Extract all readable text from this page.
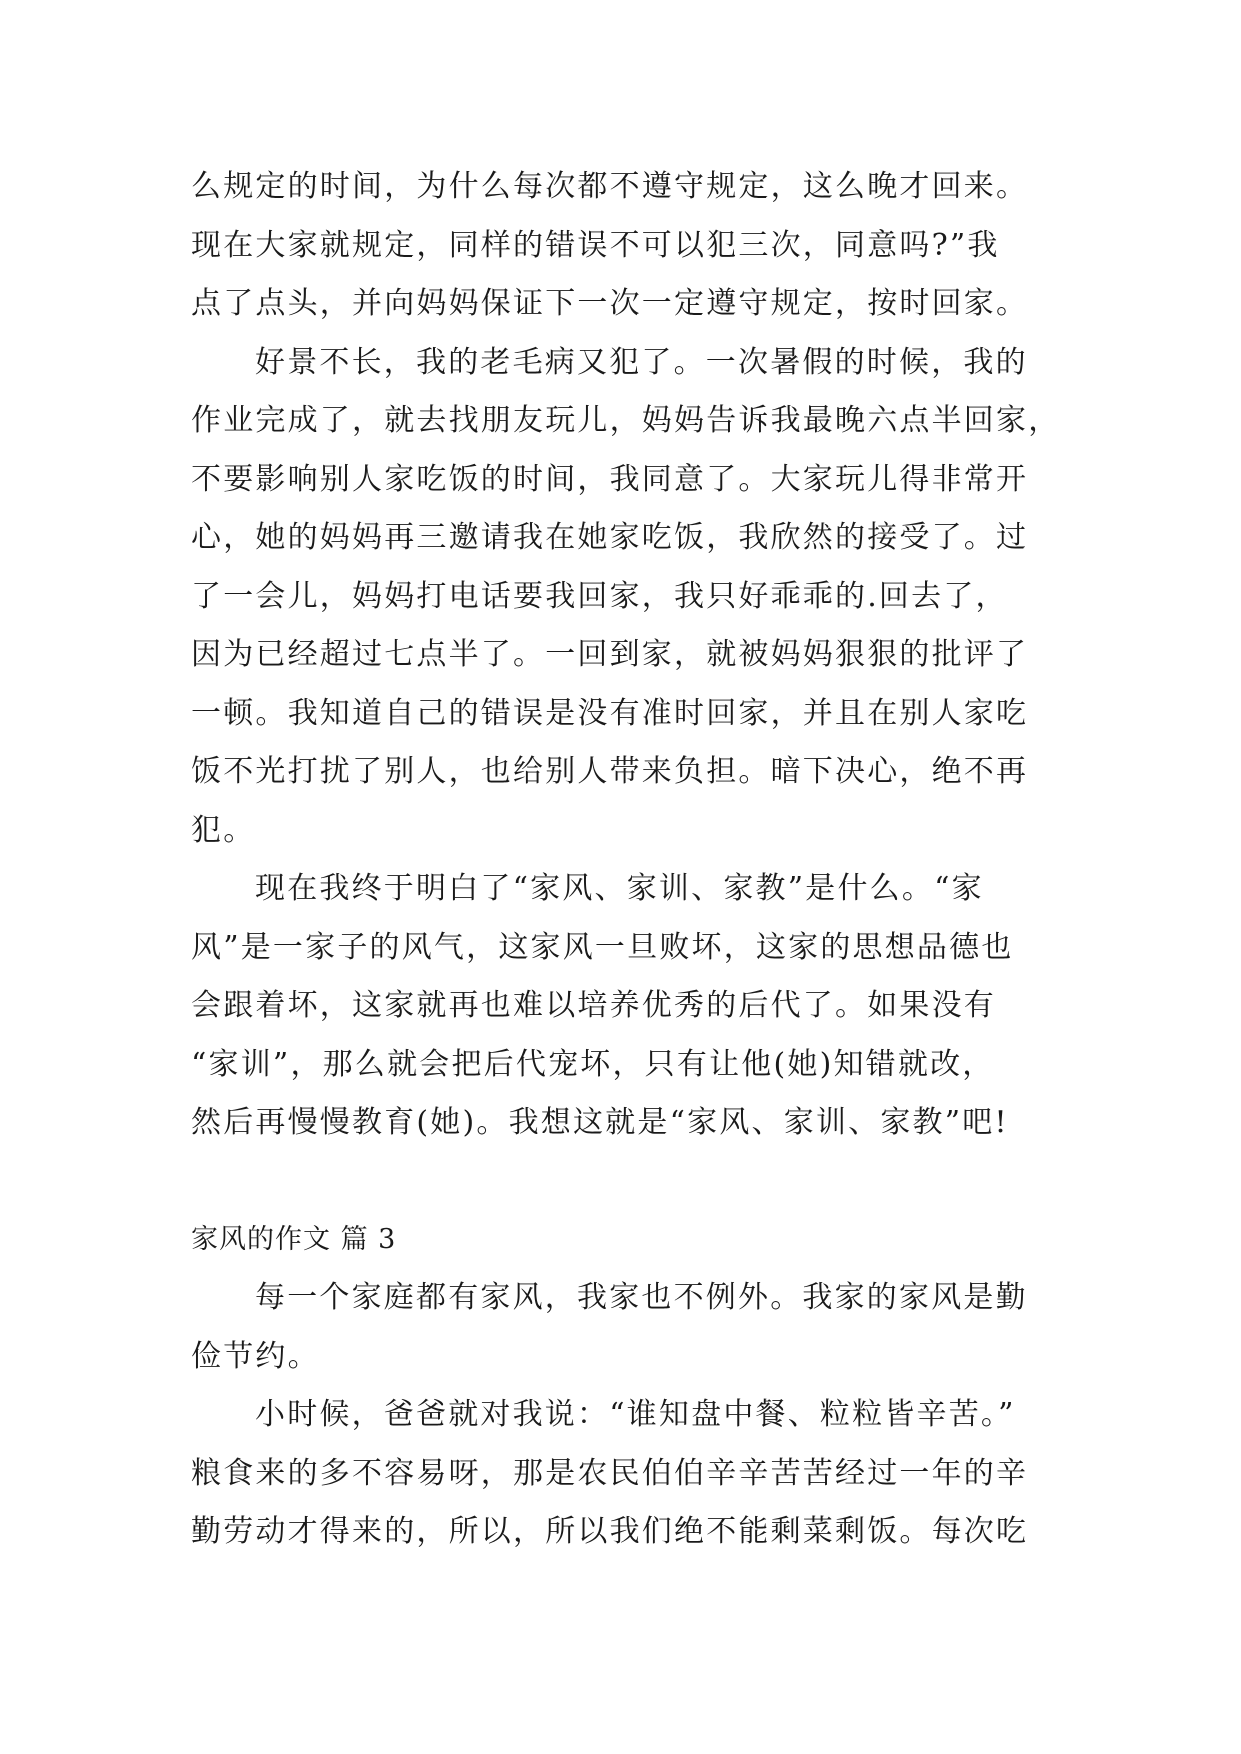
么规定的时间，为什么每次都不遵守规定，这么晚才回来。
现在大家就规定，同样的错误不可以犯三次，同意吗?”我
点了点头，并向妈妈保证下一次一定遵守规定，按时回家。
好景不长，我的老毛病又犯了。一次暑假的时候，我的
作业完成了，就去找朋友玩儿，妈妈告诉我最晚六点半回家，
不要影响别人家吃饭的时间，我同意了。大家玩儿得非常开
心，她的妈妈再三邀请我在她家吃饭，我欣然的接受了。过
了一会儿，妈妈打电话要我回家，我只好乖乖的.回去了，
因为已经超过七点半了。一回到家，就被妈妈狠狠的批评了
一顿。我知道自己的错误是没有准时回家，并且在别人家吃
饭不光打扰了别人，也给别人带来负担。暗下决心，绝不再
犯。
现在我终于明白了“家风、家训、家教”是什么。“家
风”是一家子的风气，这家风一旦败坏，这家的思想品德也
会跟着坏，这家就再也难以培养优秀的后代了。如果没有
“家训”，那么就会把后代宠坏，只有让他(她)知错就改，
然后再慢慢教育(她)。我想这就是“家风、家训、家教”吧!
家风的作文 篇 3
每一个家庭都有家风，我家也不例外。我家的家风是勤
俭节约。
小时候，爸爸就对我说：“谁知盘中餐、粒粒皆辛苦。”
粮食来的多不容易呀，那是农民伯伯辛辛苦苦经过一年的辛
勤劳动才得来的，所以，所以我们绝不能剩菜剩饭。每次吃
